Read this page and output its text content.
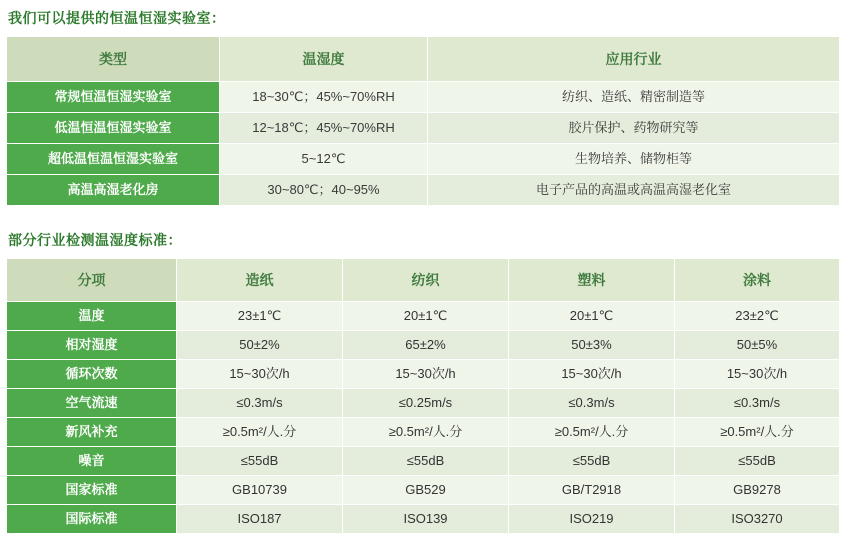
我们可以提供的恒温恒湿实验室：
类型	温湿度	应用行业
常规恒温恒湿实验室	18~30℃；45%~70%RH	纺织、造纸、精密制造等
低温恒温恒湿实验室	12~18℃；45%~70%RH	胶片保护、药物研究等
超低温恒温恒湿实验室	5~12℃	生物培养、储物柜等
高温高湿老化房	30~80℃；40~95%	电子产品的高温或高温高湿老化室
部分行业检测温湿度标准：
分项	造纸	纺织	塑料	涂料
温度	23±1℃	20±1℃	20±1℃	23±2℃
相对湿度	50±2%	65±2%	50±3%	50±5%
循环次数	15~30次/h	15~30次/h	15~30次/h	15~30次/h
空气流速	≤0.3m/s	≤0.25m/s	≤0.3m/s	≤0.3m/s
新风补充	≥0.5m²/人.分	≥0.5m²/人.分	≥0.5m²/人.分	≥0.5m²/人.分
噪音	≤55dB	≤55dB	≤55dB	≤55dB
国家标准	GB10739	GB529	GB/T2918	GB9278
国际标准	ISO187	ISO139	ISO219	ISO3270
